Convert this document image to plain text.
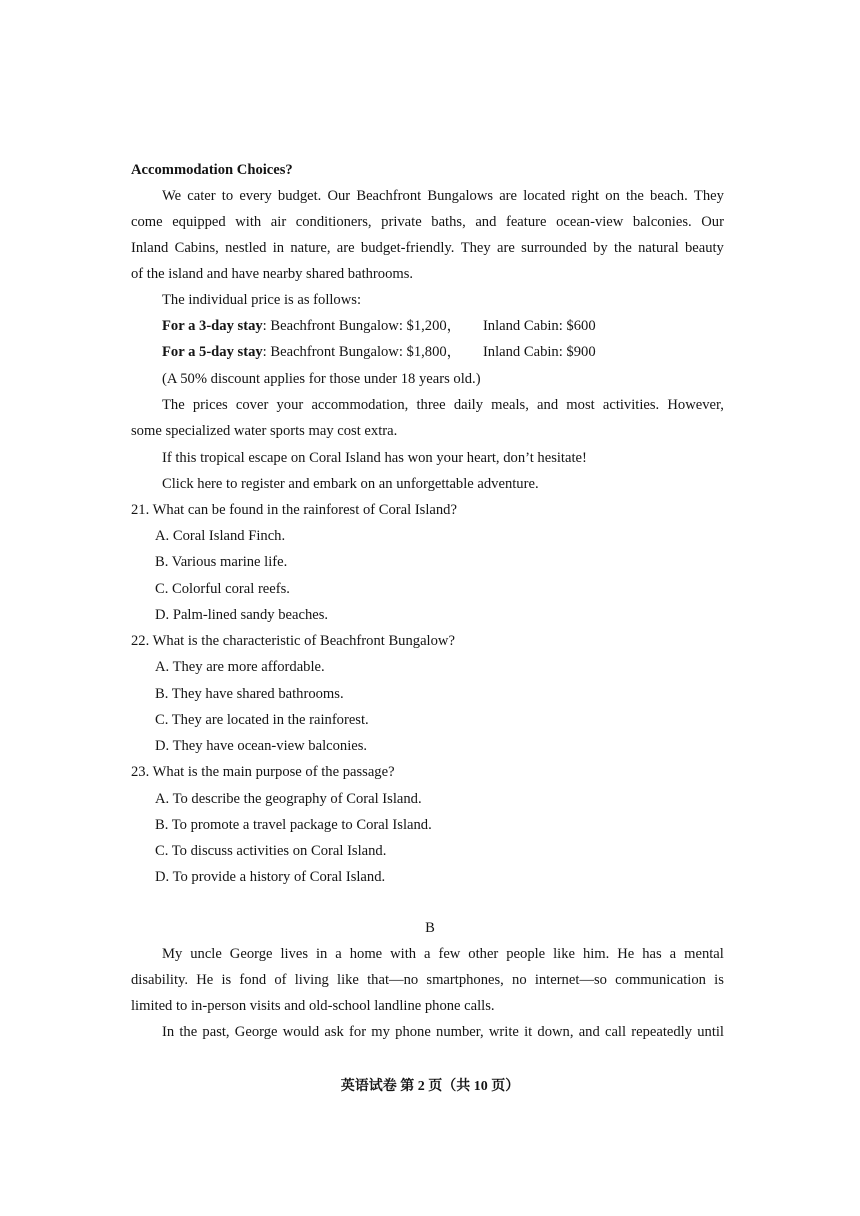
Accommodation Choices?
We cater to every budget. Our Beachfront Bungalows are located right on the beach. They
come equipped with air conditioners, private baths, and feature ocean-view balconies. Our
Inland Cabins, nestled in nature, are budget-friendly. They are surrounded by the natural beauty
of the island and have nearby shared bathrooms.
The individual price is as follows:
For a 3-day stay: Beachfront Bungalow: $1,200， Inland Cabin: $600
For a 5-day stay: Beachfront Bungalow: $1,800， Inland Cabin: $900
(A 50% discount applies for those under 18 years old.)
The prices cover your accommodation, three daily meals, and most activities. However,
some specialized water sports may cost extra.
If this tropical escape on Coral Island has won your heart, don’t hesitate!
Click here to register and embark on an unforgettable adventure.
21. What can be found in the rainforest of Coral Island?
A. Coral Island Finch.
B. Various marine life.
C. Colorful coral reefs.
D. Palm-lined sandy beaches.
22. What is the characteristic of Beachfront Bungalow?
A. They are more affordable.
B. They have shared bathrooms.
C. They are located in the rainforest.
D. They have ocean-view balconies.
23. What is the main purpose of the passage?
A. To describe the geography of Coral Island.
B. To promote a travel package to Coral Island.
C. To discuss activities on Coral Island.
D. To provide a history of Coral Island.
B
My uncle George lives in a home with a few other people like him. He has a mental
disability. He is fond of living like that—no smartphones, no internet—so communication is
limited to in-person visits and old-school landline phone calls.
In the past, George would ask for my phone number, write it down, and call repeatedly until
英语试卷 第 2 页（共 10 页）
